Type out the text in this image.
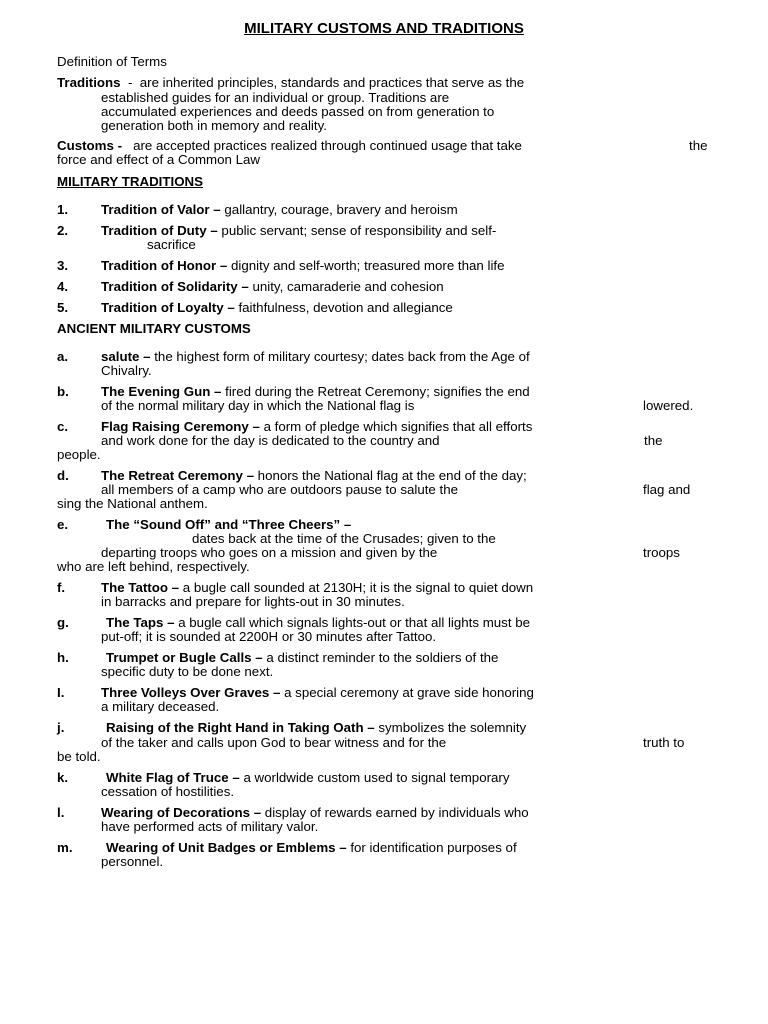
MILITARY CUSTOMS AND TRADITIONS
Definition of Terms
Traditions - are inherited principles, standards and practices that serve as the
established guides for an individual or group. Traditions are
accumulated experiences and deeds passed on from generation to
generation both in memory and reality.
Customs - are accepted practices realized through continued usage that take	the
force and effect of a Common Law
MILITARY TRADITIONS
1. Tradition of Valor – gallantry, courage, bravery and heroism
2. Tradition of Duty – public servant; sense of responsibility and self-
sacrifice
3. Tradition of Honor – dignity and self-worth; treasured more than life
4. Tradition of Solidarity – unity, camaraderie and cohesion
5. Tradition of Loyalty – faithfulness, devotion and allegiance
ANCIENT MILITARY CUSTOMS
a. salute – the highest form of military courtesy; dates back from the Age of
Chivalry.
b. The Evening Gun – fired during the Retreat Ceremony; signifies the end
of the normal military day in which the National flag is	lowered.
c. Flag Raising Ceremony – a form of pledge which signifies that all efforts
and work done for the day is dedicated to the country and	the
people.
d. The Retreat Ceremony – honors the National flag at the end of the day;
all members of a camp who are outdoors pause to salute the	flag and
sing the National anthem.
e.	The “Sound Off” and “Three Cheers” –
dates back at the time of the Crusades; given to the
departing troops who goes on a mission and given by the	troops
who are left behind, respectively.
f.	The Tattoo – a bugle call sounded at 2130H; it is the signal to quiet down
in barracks and prepare for lights-out in 30 minutes.
g.	The Taps – a bugle call which signals lights-out or that all lights must be
put-off; it is sounded at 2200H or 30 minutes after Tattoo.
h.	Trumpet or Bugle Calls – a distinct reminder to the soldiers of the
specific duty to be done next.
I.	Three Volleys Over Graves – a special ceremony at grave side honoring
a military deceased.
j.	Raising of the Right Hand in Taking Oath – symbolizes the solemnity
of the taker and calls upon God to bear witness and for the	truth to
be told.
k.	White Flag of Truce – a worldwide custom used to signal temporary
cessation of hostilities.
l.	Wearing of Decorations – display of rewards earned by individuals who
have performed acts of military valor.
m.	Wearing of Unit Badges or Emblems – for identification purposes of
personnel.
